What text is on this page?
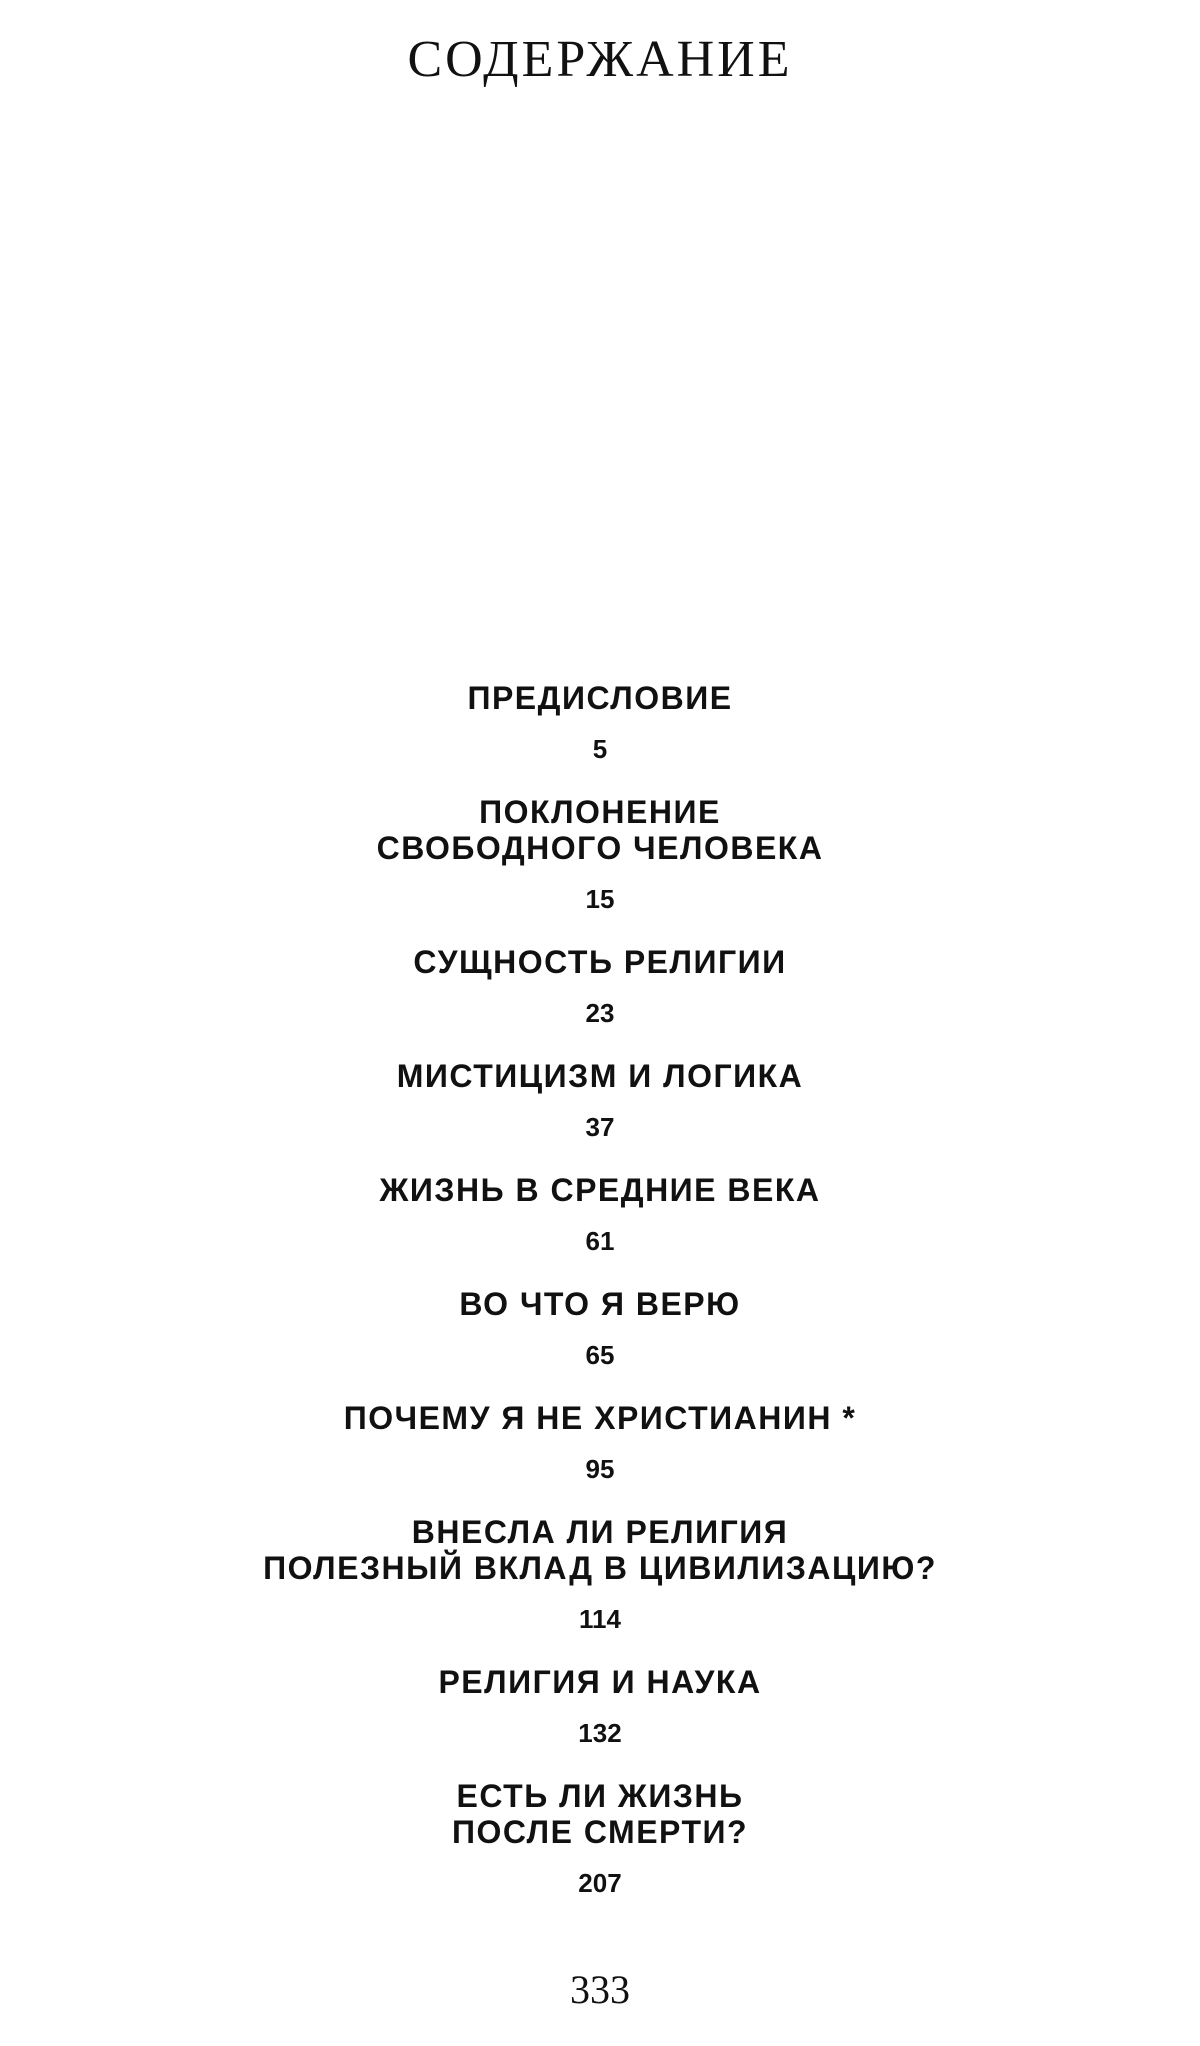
СОДЕРЖАНИЕ
ПРЕДИСЛОВИЕ
5
ПОКЛОНЕНИЕ
СВОБОДНОГО ЧЕЛОВЕКА
15
СУЩНОСТЬ РЕЛИГИИ
23
МИСТИЦИЗМ И ЛОГИКА
37
ЖИЗНЬ В СРЕДНИЕ ВЕКА
61
ВО ЧТО Я ВЕРЮ
65
ПОЧЕМУ Я НЕ ХРИСТИАНИН *
95
ВНЕСЛА ЛИ РЕЛИГИЯ
ПОЛЕЗНЫЙ ВКЛАД В ЦИВИЛИЗАЦИЮ?
114
РЕЛИГИЯ И НАУКА
132
ЕСТЬ ЛИ ЖИЗНЬ
ПОСЛЕ СМЕРТИ?
207
333
